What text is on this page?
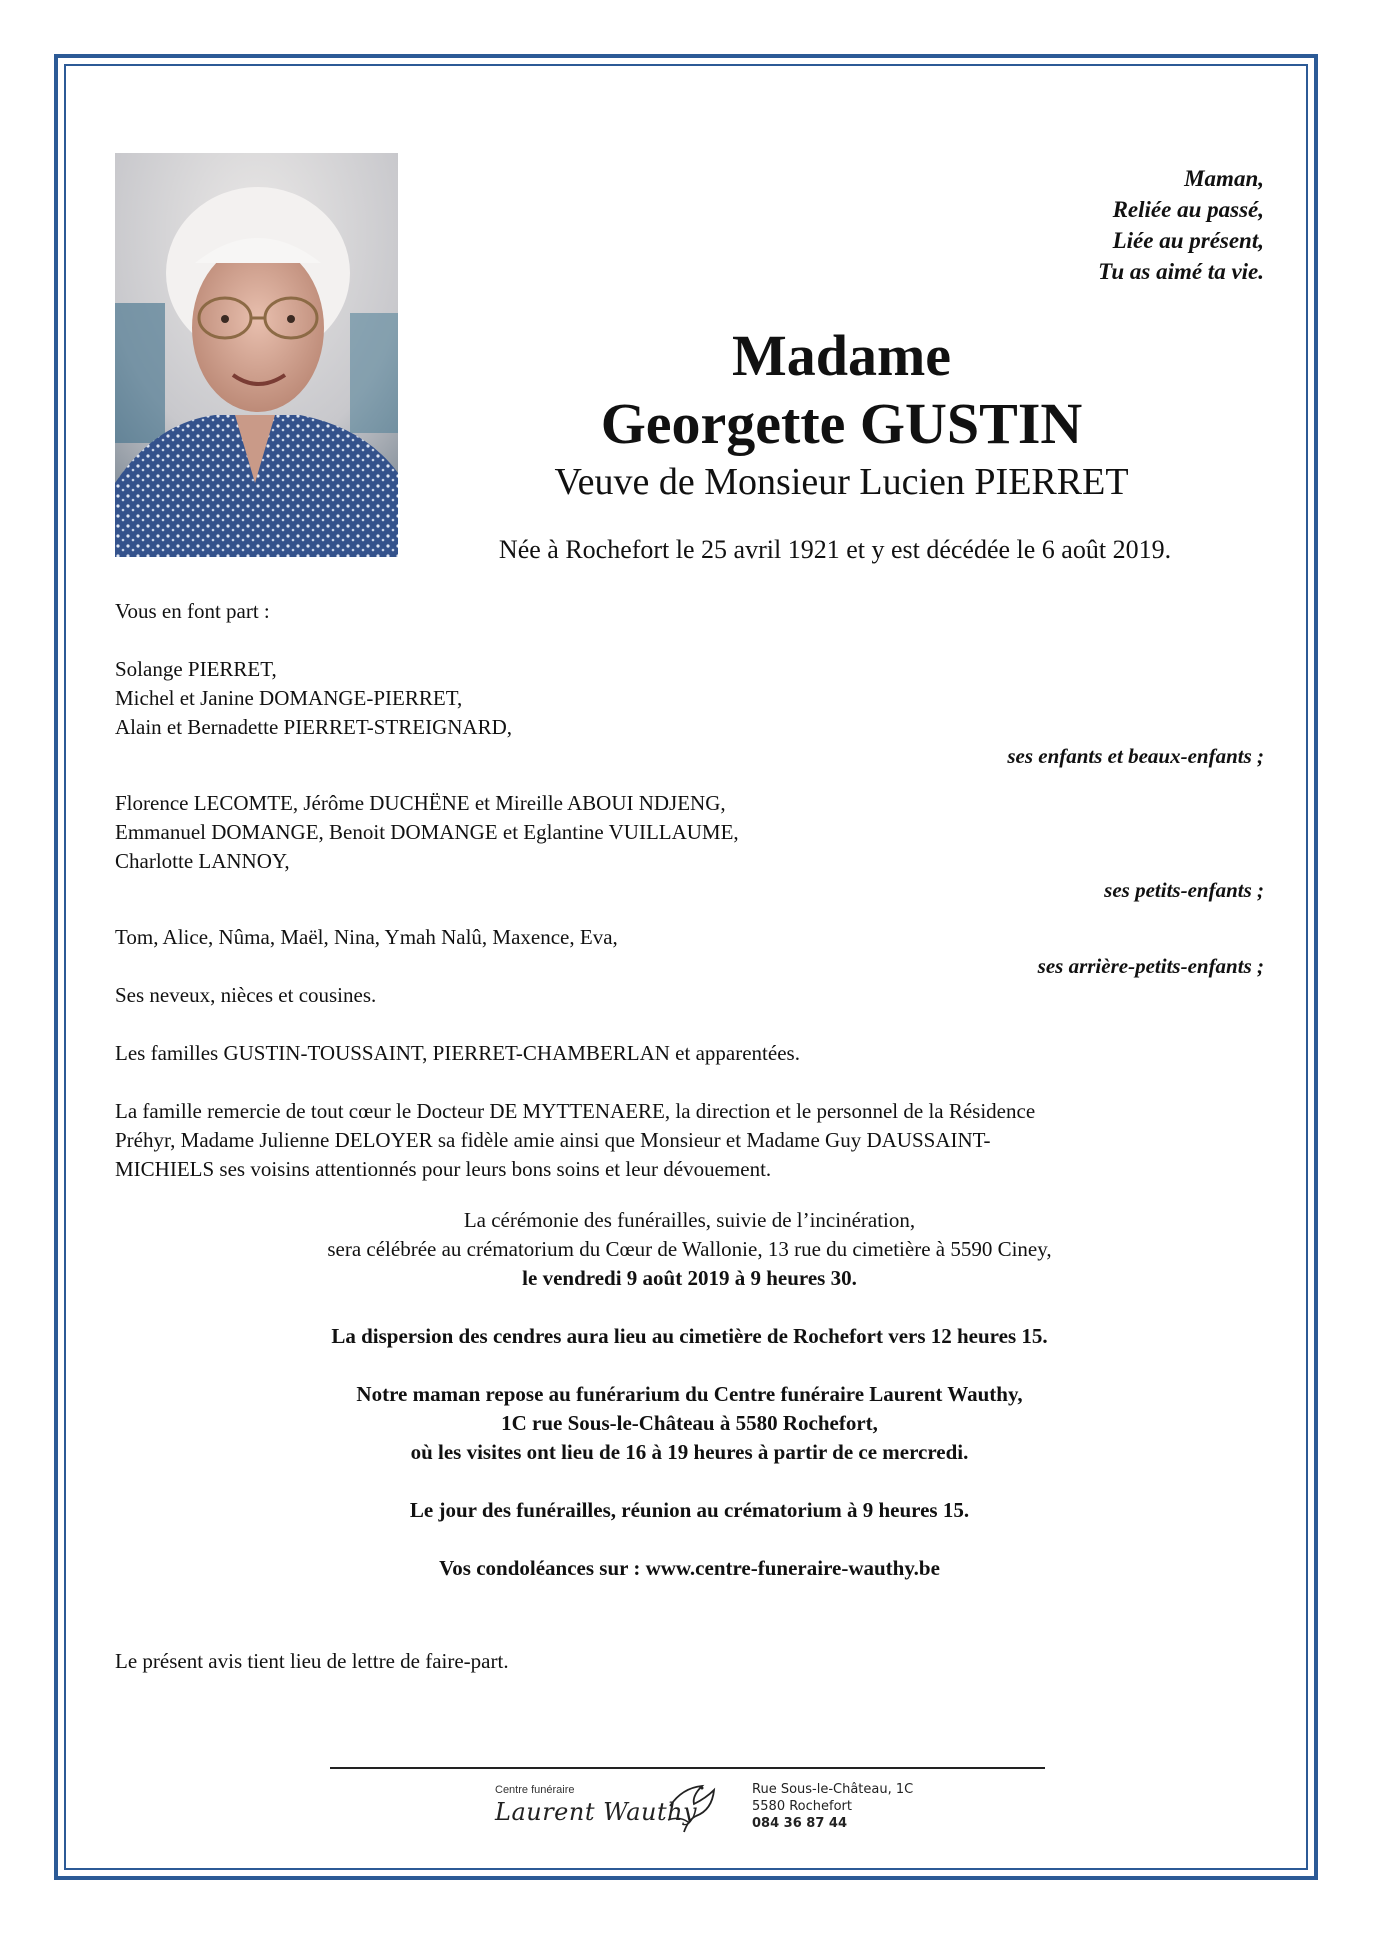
Maman,
Reliée au passé,
Liée au présent,
Tu as aimé ta vie.
Madame
Georgette GUSTIN
Veuve de Monsieur Lucien PIERRET
Née à Rochefort le 25 avril 1921 et y est décédée le 6 août 2019.
Vous en font part :
Solange PIERRET,
Michel et Janine DOMANGE-PIERRET,
Alain et Bernadette PIERRET-STREIGNARD,
ses enfants et beaux-enfants ;
Florence LECOMTE, Jérôme DUCHËNE et Mireille ABOUI NDJENG,
Emmanuel DOMANGE, Benoit DOMANGE et Eglantine VUILLAUME,
Charlotte LANNOY,
ses petits-enfants ;
Tom, Alice, Nûma, Maël, Nina, Ymah Nalû, Maxence, Eva,
ses arrière-petits-enfants ;
Ses neveux, nièces et cousines.
Les familles GUSTIN-TOUSSAINT, PIERRET-CHAMBERLAN et apparentées.
La famille remercie de tout cœur le Docteur DE MYTTENAERE, la direction et le personnel de la Résidence
Préhyr, Madame Julienne DELOYER sa fidèle amie ainsi que Monsieur et Madame Guy DAUSSAINT-
MICHIELS ses voisins attentionnés pour leurs bons soins et leur dévouement.
La cérémonie des funérailles, suivie de l’incinération,
sera célébrée au crématorium du Cœur de Wallonie, 13 rue du cimetière à 5590 Ciney,
le vendredi 9 août 2019 à 9 heures 30.
La dispersion des cendres aura lieu au cimetière de Rochefort vers 12 heures 15.
Notre maman repose au funérarium du Centre funéraire Laurent Wauthy,
1C rue Sous-le-Château à 5580 Rochefort,
où les visites ont lieu de 16 à 19 heures à partir de ce mercredi.
Le jour des funérailles, réunion au crématorium à 9 heures 15.
Vos condoléances sur : www.centre-funeraire-wauthy.be
Le présent avis tient lieu de lettre de faire-part.
Centre funéraire
Laurent Wauthy
Rue Sous-le-Château, 1C
5580 Rochefort
084 36 87 44
